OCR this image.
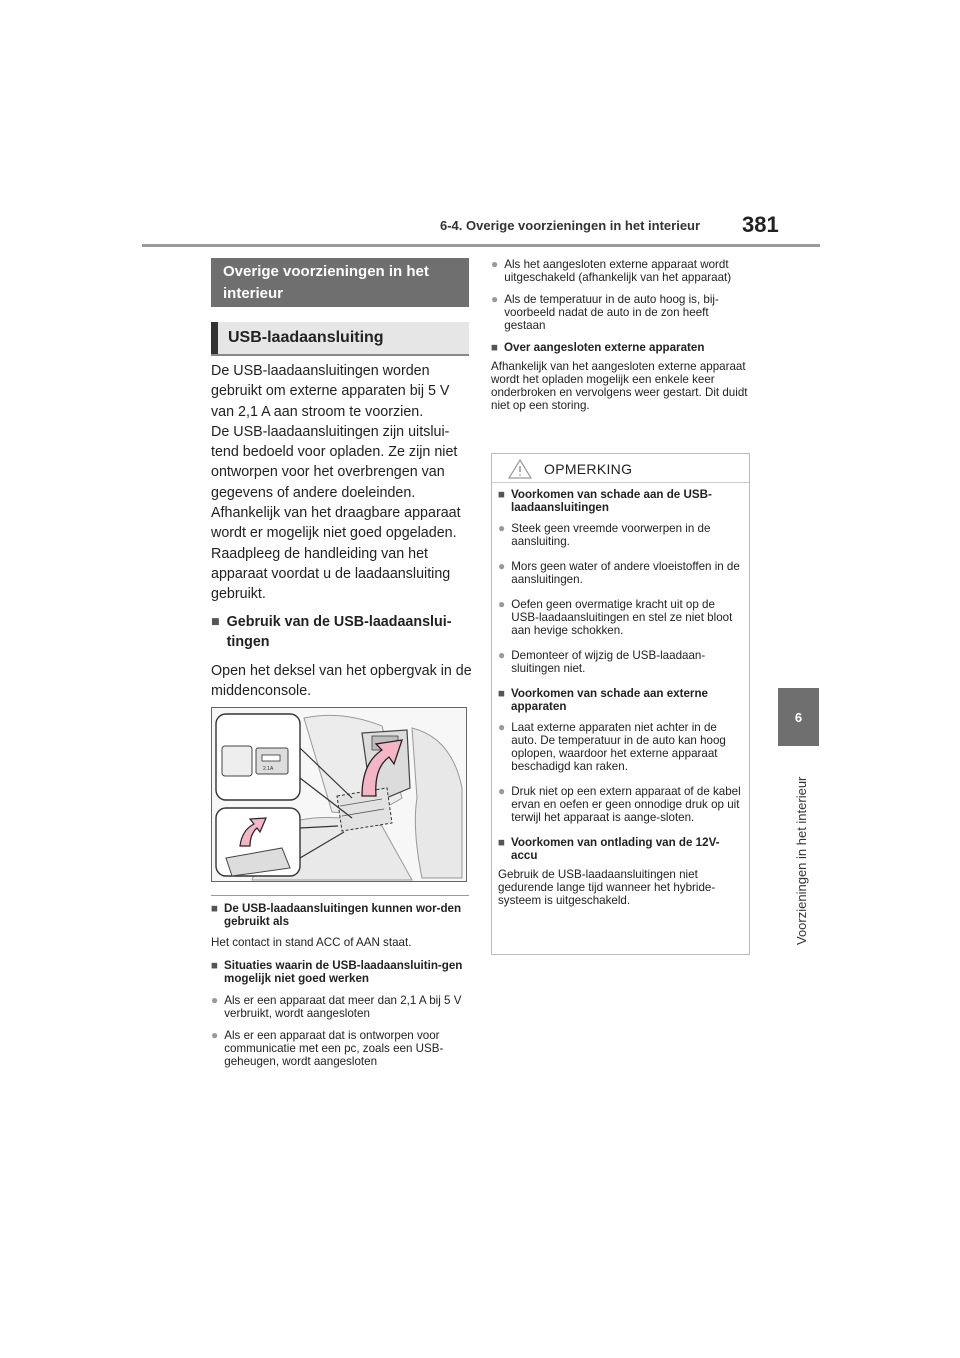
6-4. Overige voorzieningen in het interieur 381
6
Voorzieningen in het interieur
Overige voorzieningen in het interieur
USB-laadaansluiting

De USB-laadaansluitingen worden gebruikt om externe apparaten bij 5 V van 2,1 A aan stroom te voorzien.

De USB-laadaansluitingen zijn uitslui-tend bedoeld voor opladen. Ze zijn niet ontworpen voor het overbrengen van gegevens of andere doeleinden.

Afhankelijk van het draagbare apparaat wordt er mogelijk niet goed opgeladen. Raadpleeg de handleiding van het apparaat voordat u de laadaansluiting gebruikt.

■ Gebruik van de USB-laadaanslui-tingen

Open het deksel van het opbergvak in de middenconsole.

2.1A
■ De USB-laadaansluitingen kunnen wor-den gebruikt als

Het contact in stand ACC of AAN staat.

■ Situaties waarin de USB-laadaansluitin-gen mogelijk niet goed werken
● Als er een apparaat dat meer dan 2,1 A bij 5 V verbruikt, wordt aangesloten
● Als er een apparaat dat is ontworpen voor communicatie met een pc, zoals een USB-geheugen, wordt aangesloten
● Als het aangesloten externe apparaat wordt uitgeschakeld (afhankelijk van het apparaat)
● Als de temperatuur in de auto hoog is, bij-voorbeeld nadat de auto in de zon heeft gestaan
■ Over aangesloten externe apparaten

Afhankelijk van het aangesloten externe apparaat wordt het opladen mogelijk een enkele keer onderbroken en vervolgens weer gestart. Dit duidt niet op een storing.

OPMERKING
■ Voorkomen van schade aan de USB-laadaansluitingen
● Steek geen vreemde voorwerpen in de aansluiting.
● Mors geen water of andere vloeistoffen in de aansluitingen.
● Oefen geen overmatige kracht uit op de USB-laadaansluitingen en stel ze niet bloot aan hevige schokken.
● Demonteer of wijzig de USB-laadaan-sluitingen niet.
■ Voorkomen van schade aan externe apparaten
● Laat externe apparaten niet achter in de auto. De temperatuur in de auto kan hoog oplopen, waardoor het externe apparaat beschadigd kan raken.
● Druk niet op een extern apparaat of de kabel ervan en oefen er geen onnodige druk op uit terwijl het apparaat is aange-sloten.
■ Voorkomen van ontlading van de 12V-accu

Gebruik de USB-laadaansluitingen niet gedurende lange tijd wanneer het hybride-systeem is uitgeschakeld.
